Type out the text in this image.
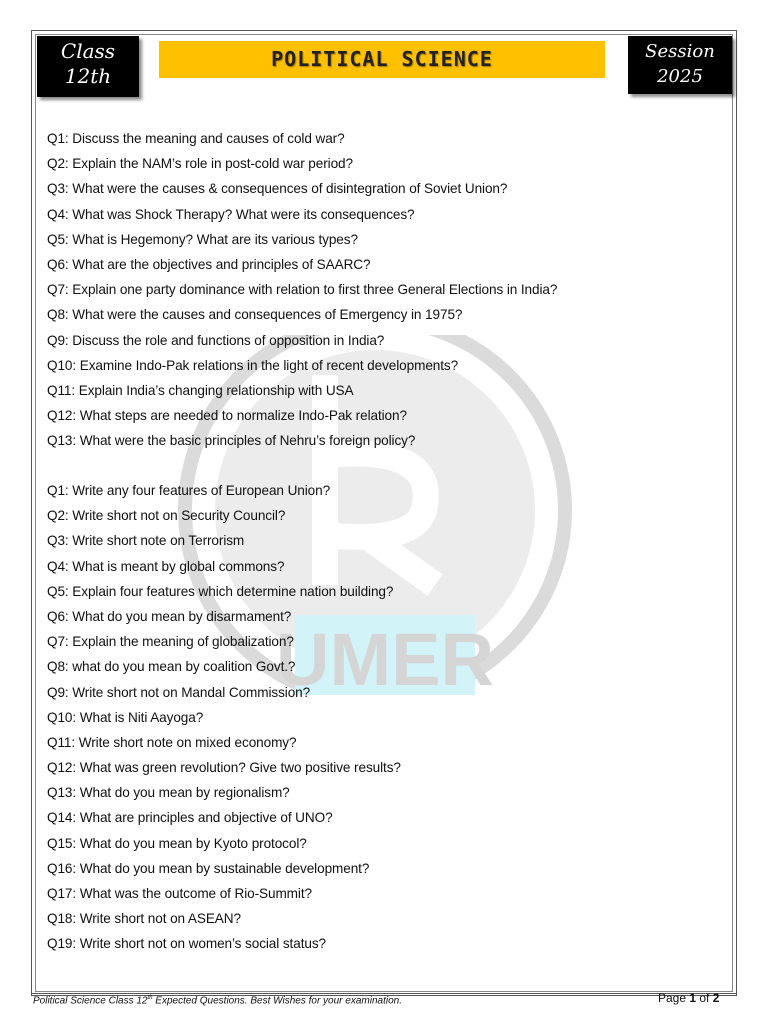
UMER
Class
12th
POLITICAL SCIENCE	Session
2025
Q1: Discuss the meaning and causes of cold war?
Q2: Explain the NAM’s role in post-cold war period?
Q3: What were the causes & consequences of disintegration of Soviet Union?
Q4: What was Shock Therapy? What were its consequences?
Q5: What is Hegemony? What are its various types?
Q6: What are the objectives and principles of SAARC?
Q7: Explain one party dominance with relation to first three General Elections in India?
Q8: What were the causes and consequences of Emergency in 1975?
Q9: Discuss the role and functions of opposition in India?
Q10: Examine Indo-Pak relations in the light of recent developments?
Q11: Explain India’s changing relationship with USA
Q12: What steps are needed to normalize Indo-Pak relation?
Q13: What were the basic principles of Nehru’s foreign policy?
Q1: Write any four features of European Union?
Q2: Write short not on Security Council?
Q3: Write short note on Terrorism
Q4: What is meant by global commons?
Q5: Explain four features which determine nation building?
Q6: What do you mean by disarmament?
Q7: Explain the meaning of globalization?
Q8: what do you mean by coalition Govt.?
Q9: Write short not on Mandal Commission?
Q10: What is Niti Aayoga?
Q11: Write short note on mixed economy?
Q12: What was green revolution? Give two positive results?
Q13: What do you mean by regionalism?
Q14: What are principles and objective of UNO?
Q15: What do you mean by Kyoto protocol?
Q16: What do you mean by sustainable development?
Q17: What was the outcome of Rio-Summit?
Q18: Write short not on ASEAN?
Q19: Write short not on women’s social status?
Political Science Class 12th Expected Questions. Best Wishes for your examination.	Page 1 of 2
